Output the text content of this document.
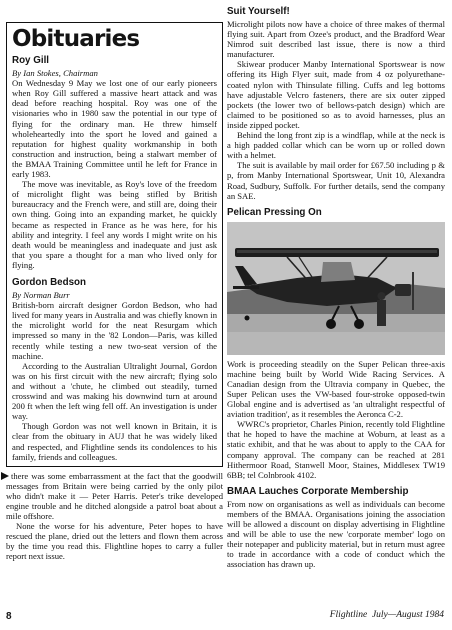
Obituaries
Roy Gill
By Ian Stokes, Chairman

On Wednesday 9 May we lost one of our early pioneers when Roy Gill suffered a massive heart attack and was dead before reaching hospital. Roy was one of the visionaries who in 1980 saw the potential in our type of flying for the ordinary man. He threw himself wholeheartedly into the sport he loved and gained a reputation for highest quality workmanship in both construction and instruction, being a stalwart member of the BMAA Training Committee until he left for France in early 1983.

The move was inevitable, as Roy's love of the freedom of microlight flight was being stifled by British bureaucracy and the French were, and still are, doing their own thing. Going into an expanding market, he quickly became as respected in France as he was here, for his ability and integrity. I feel any words I might write on his death would be meaningless and inadequate and just ask that you spare a thought for a man who lived only for flying.

Gordon Bedson
By Norman Burr

British-born aircraft designer Gordon Bedson, who had lived for many years in Australia and was chiefly known in the microlight world for the neat Resurgam which impressed so many in the '82 London—Paris, was killed recently while testing a new two-seat version of the machine.

According to the Australian Ultralight Journal, Gordon was on his first circuit with the new aircraft; flying solo and without a 'chute, he climbed out steadily, turned crosswind and was making his downwind turn at around 200 ft when the left wing fell off. An investigation is under way.

Though Gordon was not well known in Britain, it is clear from the obituary in AUJ that he was widely liked and respected, and Flightline sends its condolences to his family, friends and colleagues.

there was some embarrassment at the fact that the goodwill messages from Britain were being carried by the only pilot who didn't make it — Peter Harris. Peter's trike developed engine trouble and he ditched alongside a patrol boat about a mile offshore.

None the worse for his adventure, Peter hopes to have rescued the plane, dried out the letters and flown them across by the time you read this. Flightline hopes to carry a fuller report next issue.

Suit Yourself!

Microlight pilots now have a choice of three makes of thermal flying suit. Apart from Ozee's product, and the Bradford Wear Nimrod suit described last issue, there is now a third manufacturer.

Skiwear producer Manby International Sportswear is now offering its High Flyer suit, made from 4 oz polyurethane-coated nylon with Thinsulate filling. Cuffs and leg bottoms have adjustable Velcro fasteners, there are six outer zipped pockets (the lower two of bellows-patch design) which are claimed to be positioned so as to avoid harnesses, plus an inside zipped pocket.

Behind the long front zip is a windflap, while at the neck is a high padded collar which can be worn up or rolled down with a helmet.

The suit is available by mail order for £67.50 including p & p, from Manby International Sportswear, Unit 10, Alexandra Road, Sudbury, Suffolk. For further details, send the company an SAE.

Pelican Pressing On

Work is proceeding steadily on the Super Pelican three-axis machine being built by World Wide Racing Services. A Canadian design from the Ultravia company in Quebec, the Super Pelican uses the VW-based four-stroke opposed-twin Global engine and is advertised as 'an ultralight respectful of aviation tradition', as it resembles the Aeronca C-2.

WWRC's proprietor, Charles Pinion, recently told Flightline that he hoped to have the machine at Woburn, at least as a static exhibit, and that he was about to apply to the CAA for company approval. The company can be reached at 281 Hithermoor Road, Stanwell Moor, Staines, Middlesex TW19 6BB; tel Colnbrook 4102.

BMAA Lauches Corporate Membership

From now on organisations as well as individuals can become members of the BMAA. Organisations joining the association will be allowed a discount on display advertising in Flightline and will be able to use the new 'corporate member' logo on their notepaper and publicity material, but in return must agree to trade in accordance with a code of conduct which the association has drawn up.

8	Flightline July—August 1984
